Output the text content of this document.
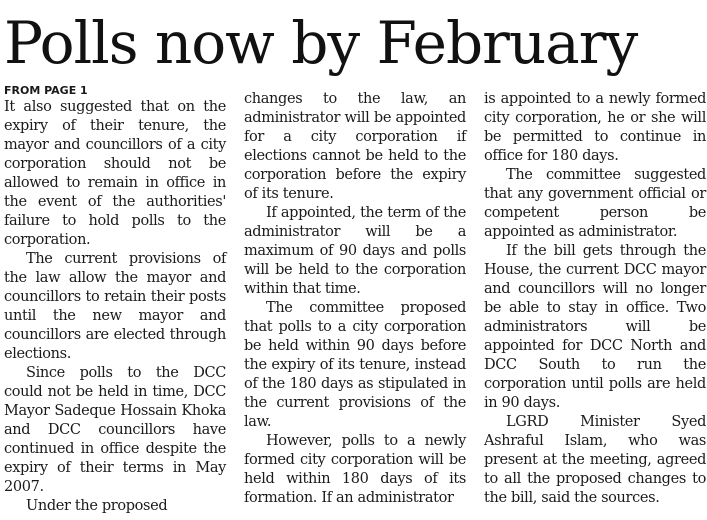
Polls now by February
FROM PAGE 1

It also suggested that on the expiry of their tenure, the mayor and councillors of a city corporation should not be allowed to remain in office in the event of the authorities' failure to hold polls to the corporation.

The current provisions of the law allow the mayor and councillors to retain their posts until the new mayor and councillors are elected through elections.

Since polls to the DCC could not be held in time, DCC Mayor Sadeque Hossain Khoka and DCC councillors have continued in office despite the expiry of their terms in May 2007.

Under the proposed

changes to the law, an administrator will be appointed for a city corporation if elections cannot be held to the corporation before the expiry of its tenure.

If appointed, the term of the administrator will be a maximum of 90 days and polls will be held to the corporation within that time.

The committee proposed that polls to a city corporation be held within 90 days before the expiry of its tenure, instead of the 180 days as stipulated in the current provisions of the law.

However, polls to a newly formed city corporation will be held within 180 days of its formation. If an administrator

is appointed to a newly formed city corporation, he or she will be permitted to continue in office for 180 days.

The committee suggested that any government official or competent person be appointed as administrator.

If the bill gets through the House, the current DCC mayor and councillors will no longer be able to stay in office. Two administrators will be appointed for DCC North and DCC South to run the corporation until polls are held in 90 days.

LGRD Minister Syed Ashraful Islam, who was present at the meeting, agreed to all the proposed changes to the bill, said the sources.
